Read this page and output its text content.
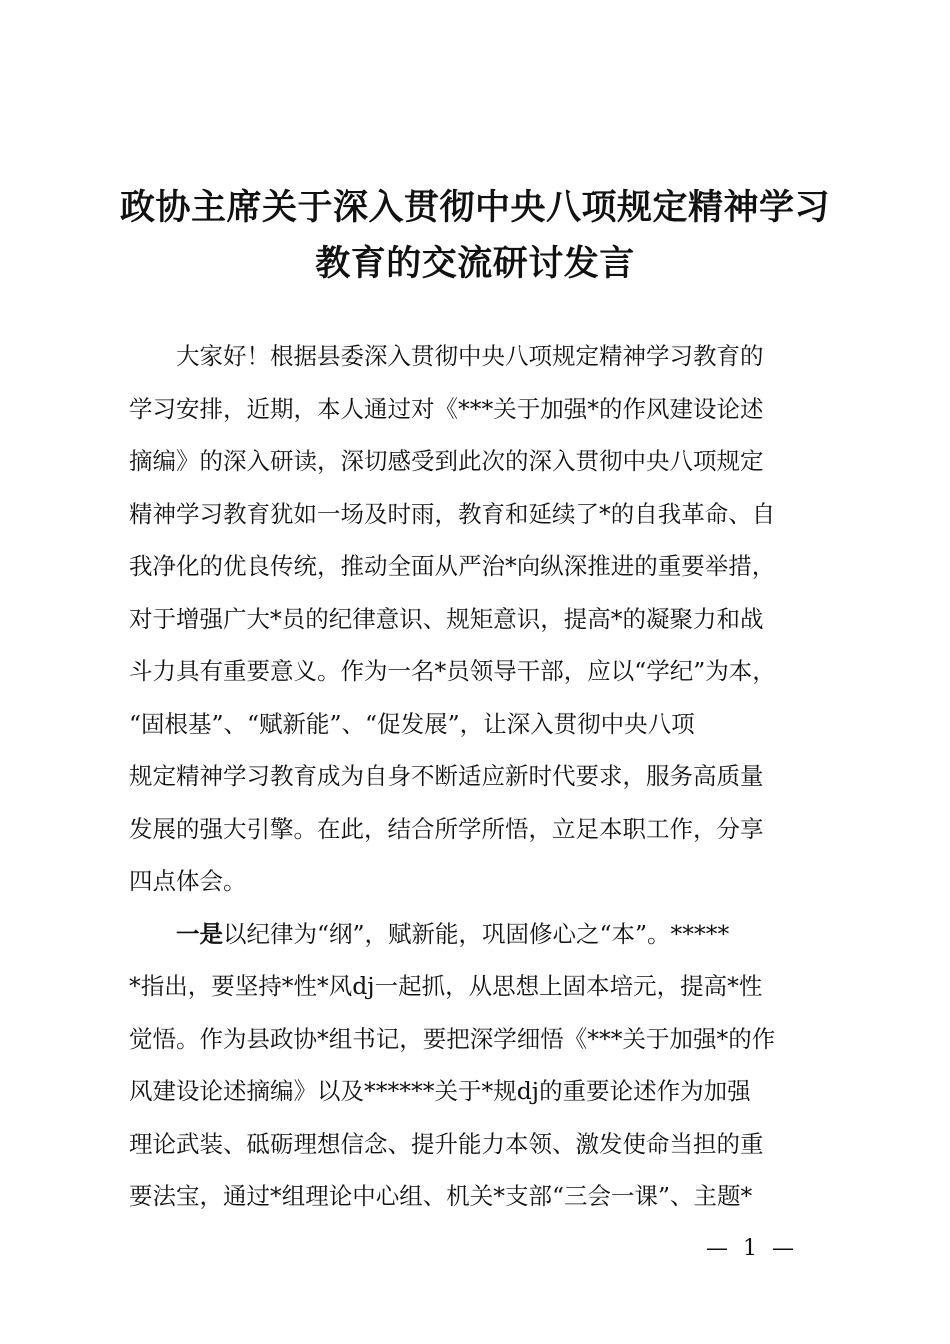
政协主席关于深入贯彻中央八项规定精神学习
教育的交流研讨发言
大家好！根据县委深入贯彻中央八项规定精神学习教育的
学习安排，近期，本人通过对《***关于加强*的作风建设论述
摘编》的深入研读，深切感受到此次的深入贯彻中央八项规定
精神学习教育犹如一场及时雨，教育和延续了*的自我革命、自
我净化的优良传统，推动全面从严治*向纵深推进的重要举措，
对于增强广大*员的纪律意识、规矩意识，提高*的凝聚力和战
斗力具有重要意义。作为一名*员领导干部，应以“学纪”为本，
“固根基”、“赋新能”、“促发展”，让深入贯彻中央八项
规定精神学习教育成为自身不断适应新时代要求，服务高质量
发展的强大引擎。在此，结合所学所悟，立足本职工作，分享
四点体会。
一是以纪律为“纲”，赋新能，巩固修心之“本”。*****
*指出，要坚持*性*风dj一起抓，从思想上固本培元，提高*性
觉悟。作为县政协*组书记，要把深学细悟《***关于加强*的作
风建设论述摘编》以及******关于*规dj的重要论述作为加强
理论武装、砥砺理想信念、提升能力本领、激发使命当担的重
要法宝，通过*组理论中心组、机关*支部“三会一课”、主题*
— 1 —
